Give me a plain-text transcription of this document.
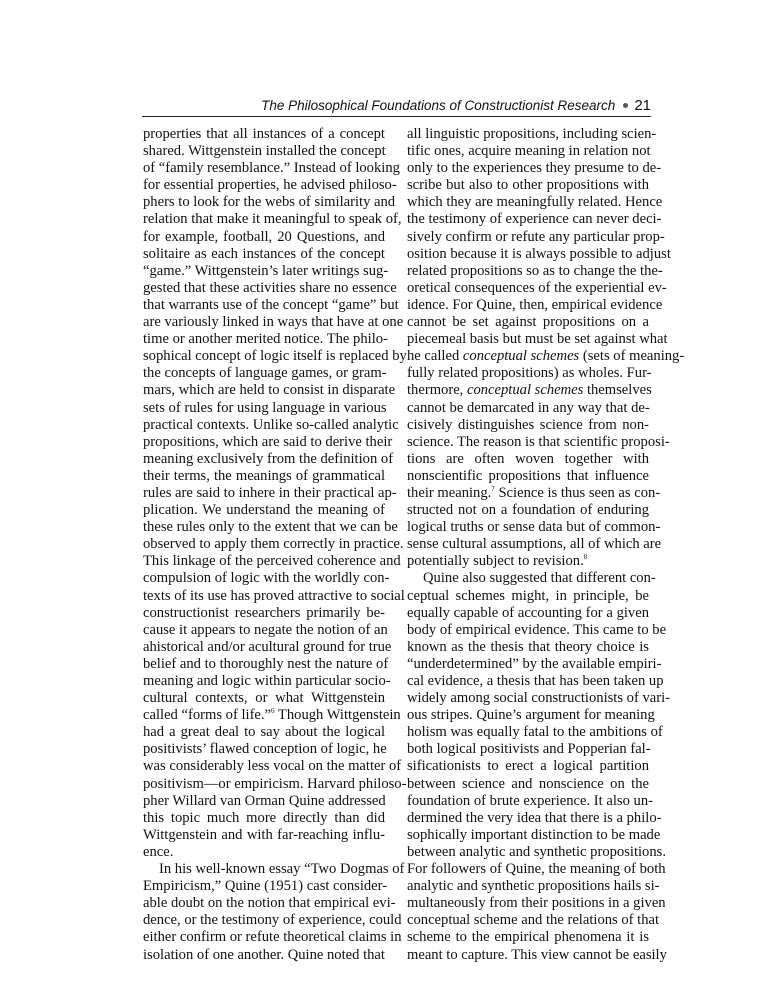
The Philosophical Foundations of Constructionist Research 21
properties that all instances of a concept
shared. Wittgenstein installed the concept
of “family resemblance.” Instead of looking
for essential properties, he advised philoso-
phers to look for the webs of similarity and
relation that make it meaningful to speak of,
for example, football, 20 Questions, and
solitaire as each instances of the concept
“game.” Wittgenstein’s later writings sug-
gested that these activities share no essence
that warrants use of the concept “game” but
are variously linked in ways that have at one
time or another merited notice. The philo-
sophical concept of logic itself is replaced by
the concepts of language games, or gram-
mars, which are held to consist in disparate
sets of rules for using language in various
practical contexts. Unlike so-called analytic
propositions, which are said to derive their
meaning exclusively from the definition of
their terms, the meanings of grammatical
rules are said to inhere in their practical ap-
plication. We understand the meaning of
these rules only to the extent that we can be
observed to apply them correctly in practice.
This linkage of the perceived coherence and
compulsion of logic with the worldly con-
texts of its use has proved attractive to social
constructionist researchers primarily be-
cause it appears to negate the notion of an
ahistorical and/or acultural ground for true
belief and to thoroughly nest the nature of
meaning and logic within particular socio-
cultural contexts, or what Wittgenstein
called “forms of life.”$^6$ Though Wittgenstein
had a great deal to say about the logical
positivists’ flawed conception of logic, he
was considerably less vocal on the matter of
positivism—or empiricism. Harvard philoso-
pher Willard van Orman Quine addressed
this topic much more directly than did
Wittgenstein and with far-reaching influ-
ence.
In his well-known essay “Two Dogmas of
Empiricism,” Quine (1951) cast consider-
able doubt on the notion that empirical evi-
dence, or the testimony of experience, could
either confirm or refute theoretical claims in
isolation of one another. Quine noted that
all linguistic propositions, including scien-
tific ones, acquire meaning in relation not
only to the experiences they presume to de-
scribe but also to other propositions with
which they are meaningfully related. Hence
the testimony of experience can never deci-
sively confirm or refute any particular prop-
osition because it is always possible to adjust
related propositions so as to change the the-
oretical consequences of the experiential ev-
idence. For Quine, then, empirical evidence
cannot be set against propositions on a
piecemeal basis but must be set against what
he called conceptual schemes (sets of meaning-
fully related propositions) as wholes. Fur-
thermore, conceptual schemes themselves
cannot be demarcated in any way that de-
cisively distinguishes science from non-
science. The reason is that scientific proposi-
tions are often woven together with
nonscientific propositions that influence
their meaning.$^7$ Science is thus seen as con-
structed not on a foundation of enduring
logical truths or sense data but of common-
sense cultural assumptions, all of which are
potentially subject to revision.$^8$
Quine also suggested that different con-
ceptual schemes might, in principle, be
equally capable of accounting for a given
body of empirical evidence. This came to be
known as the thesis that theory choice is
“underdetermined” by the available empiri-
cal evidence, a thesis that has been taken up
widely among social constructionists of vari-
ous stripes. Quine’s argument for meaning
holism was equally fatal to the ambitions of
both logical positivists and Popperian fal-
sificationists to erect a logical partition
between science and nonscience on the
foundation of brute experience. It also un-
dermined the very idea that there is a philo-
sophically important distinction to be made
between analytic and synthetic propositions.
For followers of Quine, the meaning of both
analytic and synthetic propositions hails si-
multaneously from their positions in a given
conceptual scheme and the relations of that
scheme to the empirical phenomena it is
meant to capture. This view cannot be easily
